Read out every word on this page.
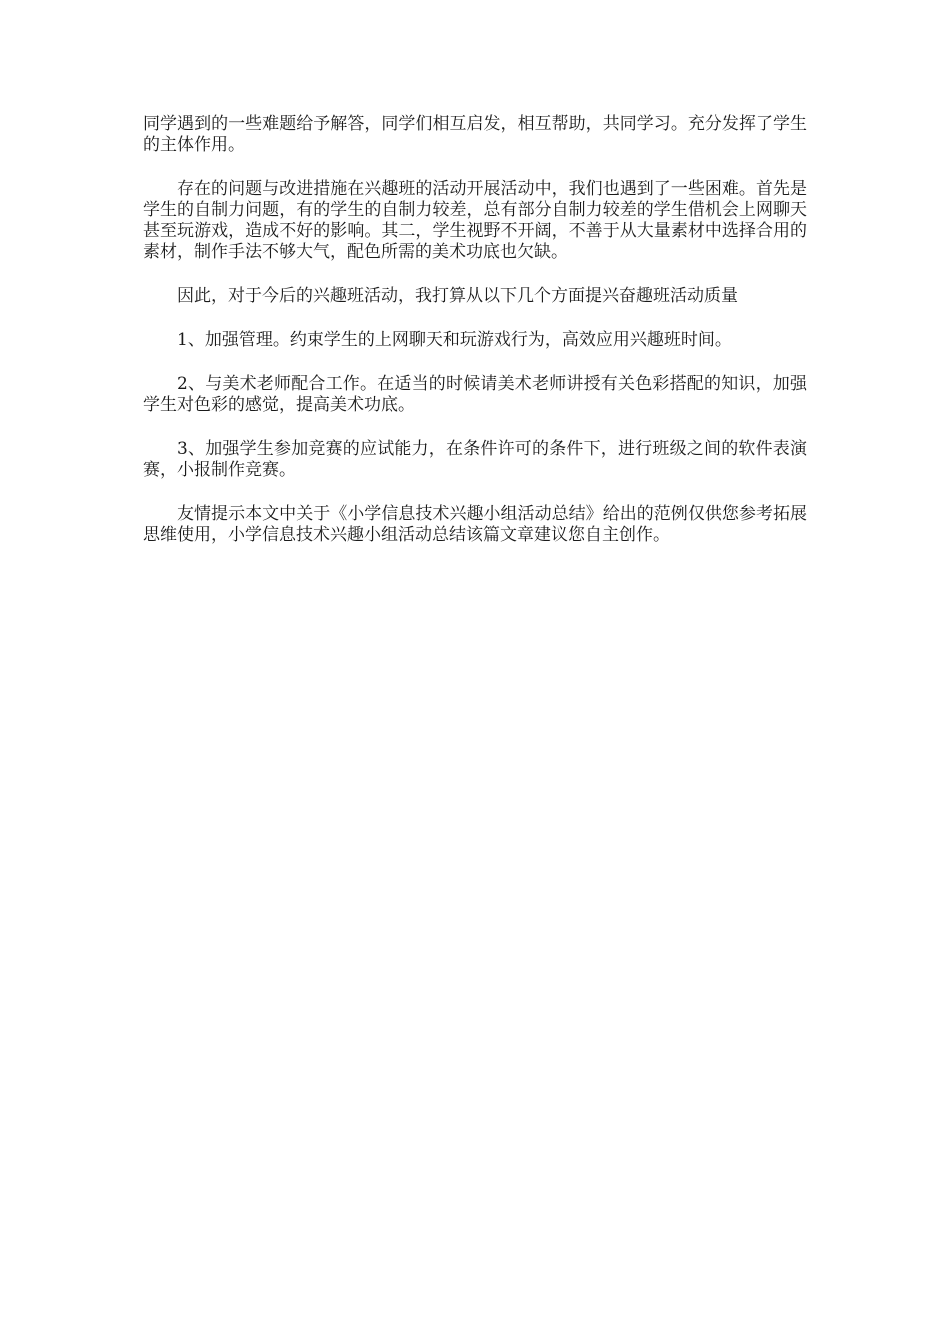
同学遇到的一些难题给予解答，同学们相互启发，相互帮助，共同学习。充分发挥了学生的主体作用。

存在的问题与改进措施在兴趣班的活动开展活动中，我们也遇到了一些困难。首先是学生的自制力问题，有的学生的自制力较差，总有部分自制力较差的学生借机会上网聊天甚至玩游戏，造成不好的影响。其二，学生视野不开阔，不善于从大量素材中选择合用的素材，制作手法不够大气，配色所需的美术功底也欠缺。

因此，对于今后的兴趣班活动，我打算从以下几个方面提兴奋趣班活动质量

1、加强管理。约束学生的上网聊天和玩游戏行为，高效应用兴趣班时间。

2、与美术老师配合工作。在适当的时候请美术老师讲授有关色彩搭配的知识，加强学生对色彩的感觉，提高美术功底。

3、加强学生参加竞赛的应试能力，在条件许可的条件下，进行班级之间的软件表演赛，小报制作竞赛。

友情提示本文中关于《小学信息技术兴趣小组活动总结》给出的范例仅供您参考拓展思维使用，小学信息技术兴趣小组活动总结该篇文章建议您自主创作。
